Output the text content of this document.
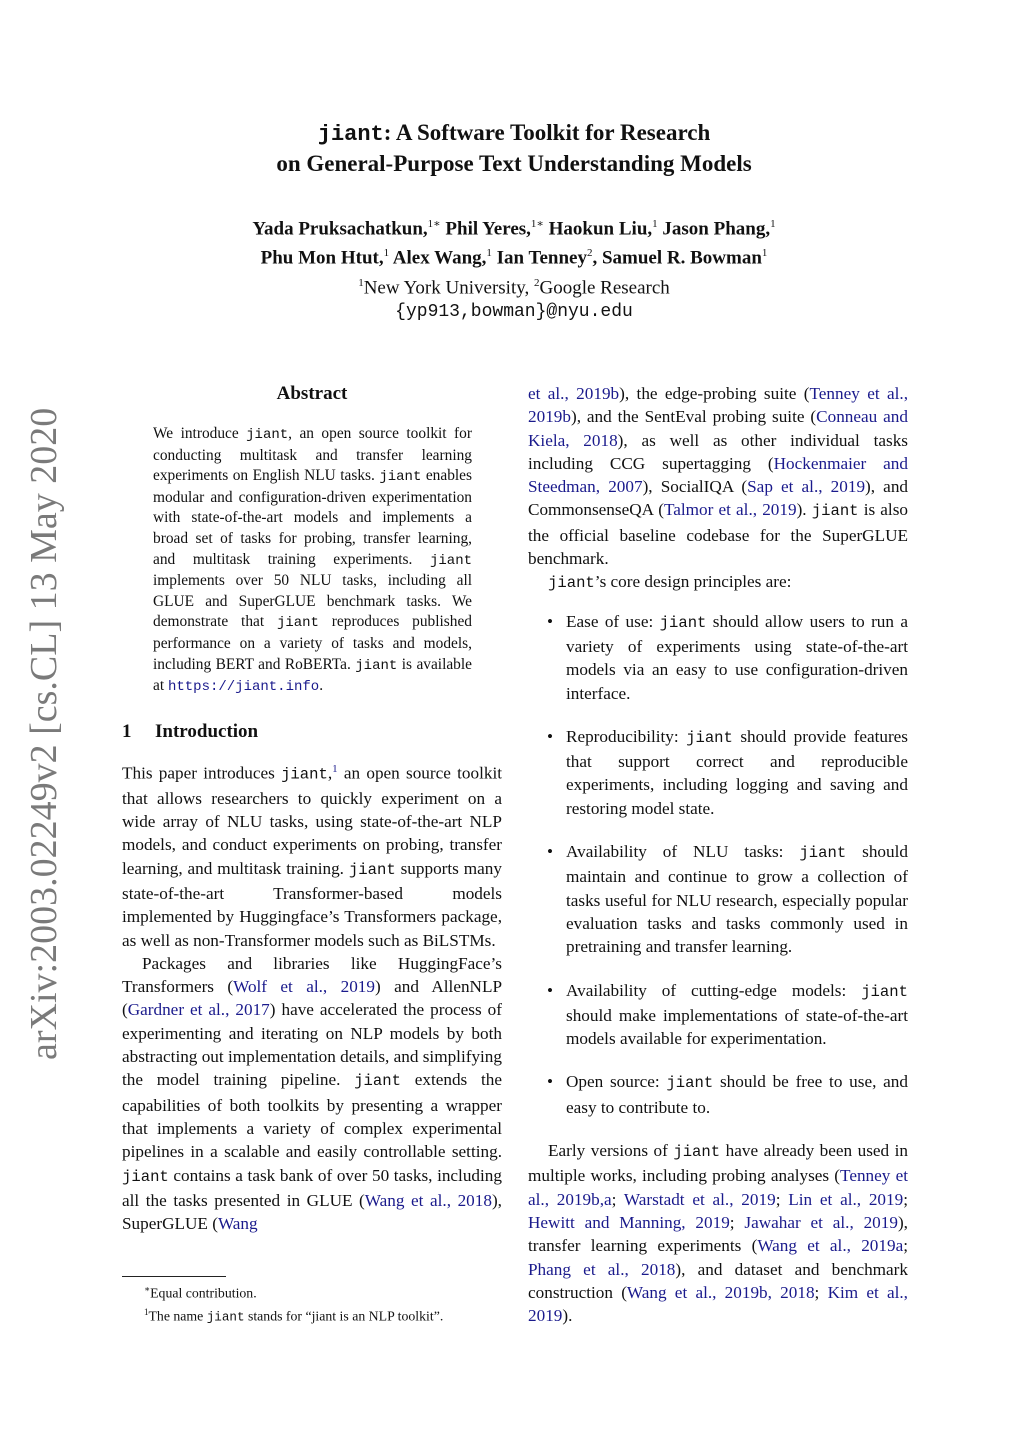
arXiv:2003.02249v2 [cs.CL] 13 May 2020
jiant: A Software Toolkit for Research
on General-Purpose Text Understanding Models
Yada Pruksachatkun,$^{1∗}$ Phil Yeres,$^{1∗}$ Haokun Liu,$^1$ Jason Phang,$^1$
Phu Mon Htut,$^1$ Alex Wang,$^1$ Ian Tenney$^2$, Samuel R. Bowman$^1$
$^1$New York University, $^2$Google Research
{yp913,bowman}@nyu.edu
Abstract
We introduce jiant, an open source toolkit for conducting multitask and transfer learning experiments on English NLU tasks. jiant enables modular and configuration-driven experimentation with state-of-the-art models and implements a broad set of tasks for probing, transfer learning, and multitask training experiments. jiant implements over 50 NLU tasks, including all GLUE and SuperGLUE benchmark tasks. We demonstrate that jiant reproduces published performance on a variety of tasks and models, including BERT and RoBERTa. jiant is available at https://jiant.info.
1 Introduction

This paper introduces jiant,$^1$ an open source toolkit that allows researchers to quickly experiment on a wide array of NLU tasks, using state-of-the-art NLP models, and conduct experiments on probing, transfer learning, and multitask training. jiant supports many state-of-the-art Transformer-based models implemented by Huggingface’s Transformers package, as well as non-Transformer models such as BiLSTMs.

Packages and libraries like HuggingFace’s Transformers (Wolf et al., 2019) and AllenNLP (Gardner et al., 2017) have accelerated the process of experimenting and iterating on NLP models by both abstracting out implementation details, and simplifying the model training pipeline. jiant extends the capabilities of both toolkits by presenting a wrapper that implements a variety of complex experimental pipelines in a scalable and easily controllable setting. jiant contains a task bank of over 50 tasks, including all the tasks presented in GLUE (Wang et al., 2018), SuperGLUE (Wang

∗Equal contribution.

$^1$The name jiant stands for “jiant is an NLP toolkit”.

et al., 2019b), the edge-probing suite (Tenney et al., 2019b), and the SentEval probing suite (Conneau and Kiela, 2018), as well as other individual tasks including CCG supertagging (Hockenmaier and Steedman, 2007), SocialIQA (Sap et al., 2019), and CommonsenseQA (Talmor et al., 2019). jiant is also the official baseline codebase for the SuperGLUE benchmark.

jiant’s core design principles are:

• Ease of use: jiant should allow users to run a variety of experiments using state-of-the-art models via an easy to use configuration-driven interface.
• Reproducibility: jiant should provide features that support correct and reproducible experiments, including logging and saving and restoring model state.
• Availability of NLU tasks: jiant should maintain and continue to grow a collection of tasks useful for NLU research, especially popular evaluation tasks and tasks commonly used in pretraining and transfer learning.
• Availability of cutting-edge models: jiant should make implementations of state-of-the-art models available for experimentation.
• Open source: jiant should be free to use, and easy to contribute to.

Early versions of jiant have already been used in multiple works, including probing analyses (Tenney et al., 2019b,a; Warstadt et al., 2019; Lin et al., 2019; Hewitt and Manning, 2019; Jawahar et al., 2019), transfer learning experiments (Wang et al., 2019a; Phang et al., 2018), and dataset and benchmark construction (Wang et al., 2019b, 2018; Kim et al., 2019).
